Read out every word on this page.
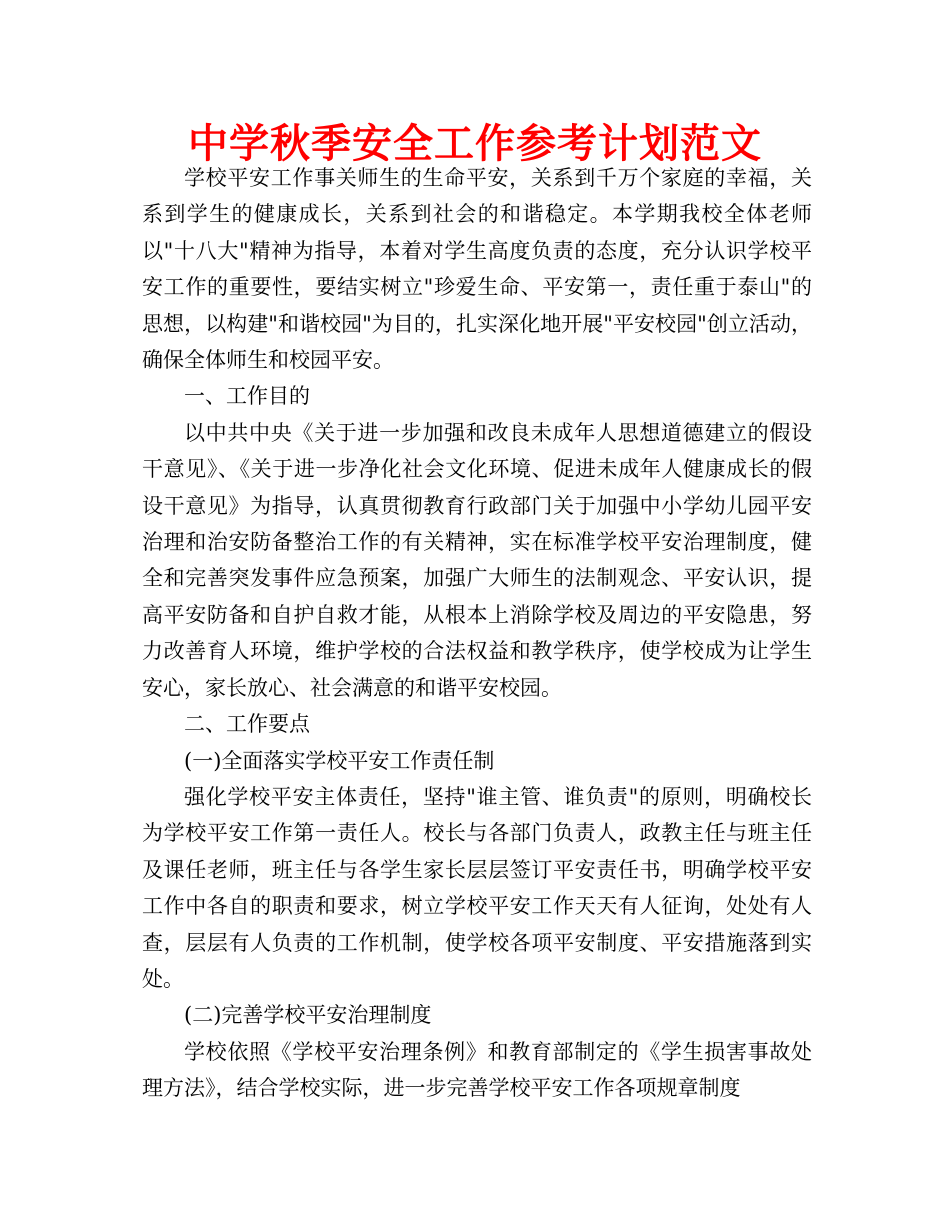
中学秋季安全工作参考计划范文

学校平安工作事关师生的生命平安，关系到千万个家庭的幸福，关系到学生的健康成长，关系到社会的和谐稳定。本学期我校全体老师以"十八大"精神为指导，本着对学生高度负责的态度，充分认识学校平安工作的重要性，要结实树立"珍爱生命、平安第一，责任重于泰山"的思想，以构建"和谐校园"为目的，扎实深化地开展"平安校园"创立活动，确保全体师生和校园平安。

一、工作目的

以中共中央《关于进一步加强和改良未成年人思想道德建立的假设干意见》、《关于进一步净化社会文化环境、促进未成年人健康成长的假设干意见》为指导，认真贯彻教育行政部门关于加强中小学幼儿园平安治理和治安防备整治工作的有关精神，实在标准学校平安治理制度，健全和完善突发事件应急预案，加强广大师生的法制观念、平安认识，提高平安防备和自护自救才能，从根本上消除学校及周边的平安隐患，努力改善育人环境，维护学校的合法权益和教学秩序，使学校成为让学生安心，家长放心、社会满意的和谐平安校园。

二、工作要点

(一)全面落实学校平安工作责任制

强化学校平安主体责任，坚持"谁主管、谁负责"的原则，明确校长为学校平安工作第一责任人。校长与各部门负责人，政教主任与班主任及课任老师，班主任与各学生家长层层签订平安责任书，明确学校平安工作中各自的职责和要求，树立学校平安工作天天有人征询，处处有人查，层层有人负责的工作机制，使学校各项平安制度、平安措施落到实处。

(二)完善学校平安治理制度

学校依照《学校平安治理条例》和教育部制定的《学生损害事故处理方法》，结合学校实际，进一步完善学校平安工作各项规章制度
